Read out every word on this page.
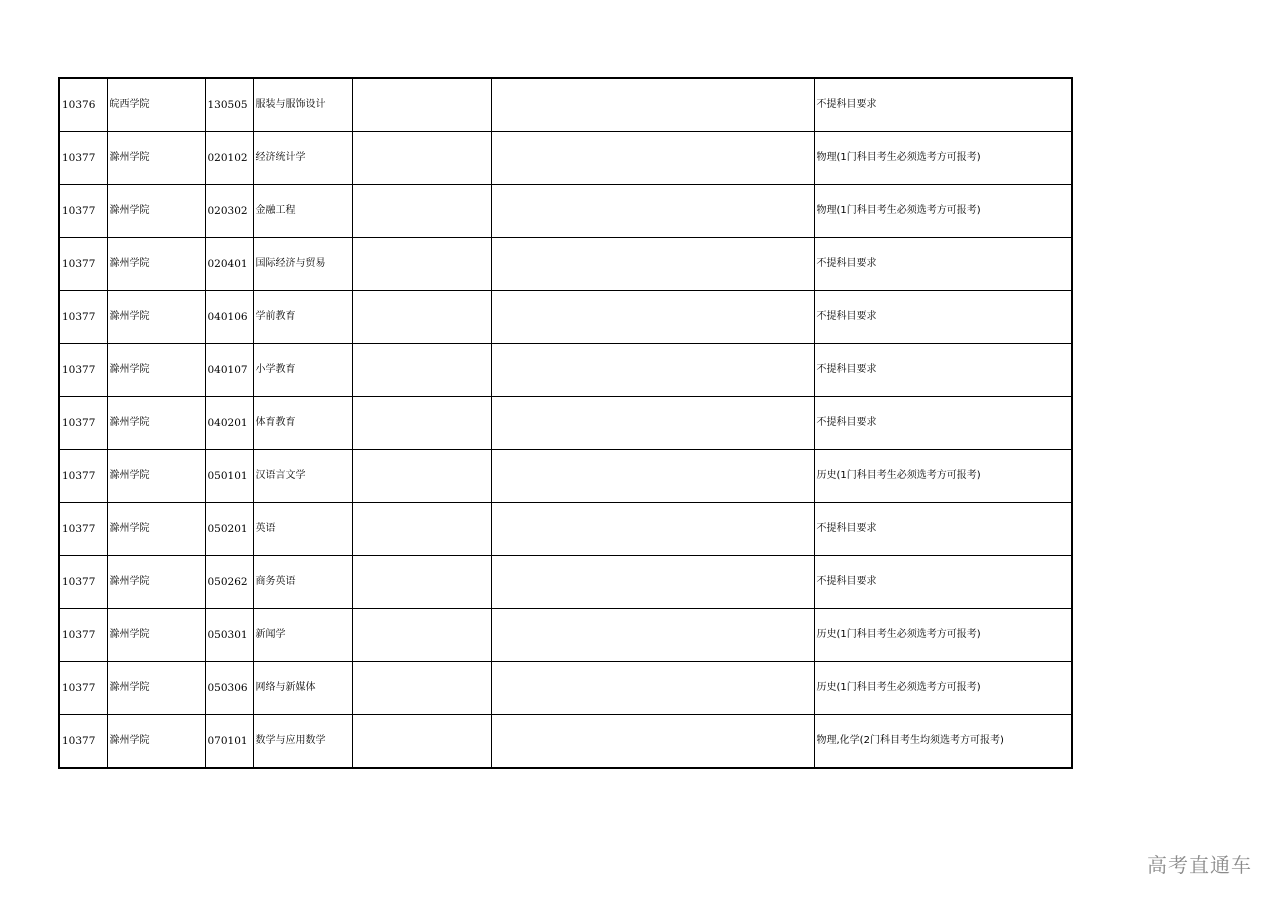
10376	皖西学院	130505	服装与服饰设计			不提科目要求
10377	滁州学院	020102	经济统计学			物理(1门科目考生必须选考方可报考)
10377	滁州学院	020302	金融工程			物理(1门科目考生必须选考方可报考)
10377	滁州学院	020401	国际经济与贸易			不提科目要求
10377	滁州学院	040106	学前教育			不提科目要求
10377	滁州学院	040107	小学教育			不提科目要求
10377	滁州学院	040201	体育教育			不提科目要求
10377	滁州学院	050101	汉语言文学			历史(1门科目考生必须选考方可报考)
10377	滁州学院	050201	英语			不提科目要求
10377	滁州学院	050262	商务英语			不提科目要求
10377	滁州学院	050301	新闻学			历史(1门科目考生必须选考方可报考)
10377	滁州学院	050306	网络与新媒体			历史(1门科目考生必须选考方可报考)
10377	滁州学院	070101	数学与应用数学			物理,化学(2门科目考生均须选考方可报考)
高考直通车
